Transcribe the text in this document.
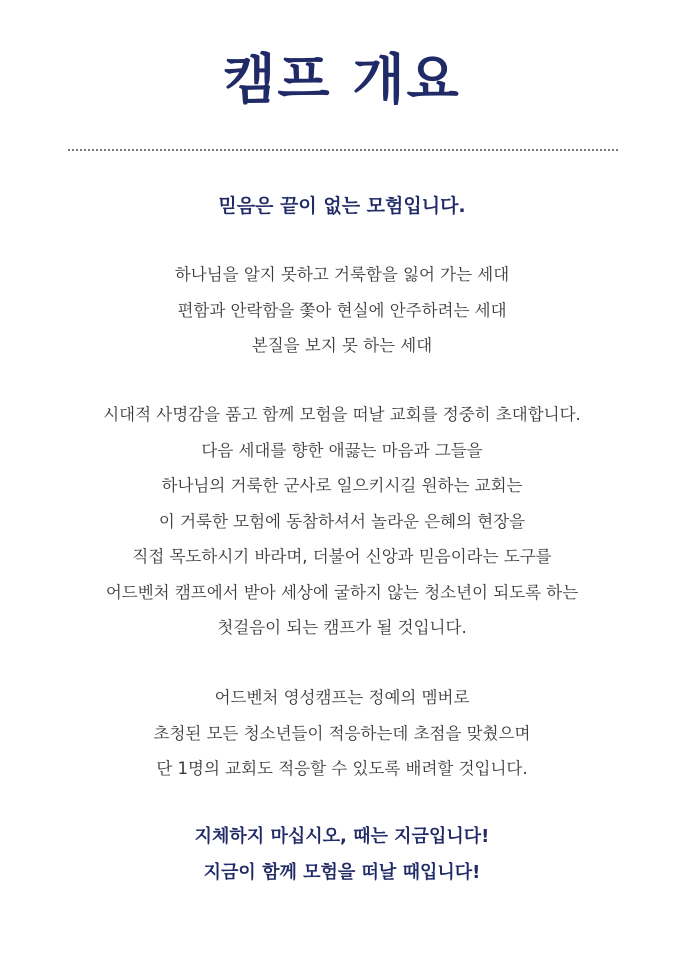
캠프 개요
믿음은 끝이 없는 모험입니다.
하나님을 알지 못하고 거룩함을 잃어 가는 세대
편함과 안락함을 쫓아 현실에 안주하려는 세대
본질을 보지 못 하는 세대
시대적 사명감을 품고 함께 모험을 떠날 교회를 정중히 초대합니다.
다음 세대를 향한 애끓는 마음과 그들을
하나님의 거룩한 군사로 일으키시길 원하는 교회는
이 거룩한 모험에 동참하셔서 놀라운 은혜의 현장을
직접 목도하시기 바라며, 더불어 신앙과 믿음이라는 도구를
어드벤처 캠프에서 받아 세상에 굴하지 않는 청소년이 되도록 하는
첫걸음이 되는 캠프가 될 것입니다.
어드벤처 영성캠프는 정예의 멤버로
초청된 모든 청소년들이 적응하는데 초점을 맞췄으며
단 1명의 교회도 적응할 수 있도록 배려할 것입니다.
지체하지 마십시오, 때는 지금입니다!
지금이 함께 모험을 떠날 때입니다!
